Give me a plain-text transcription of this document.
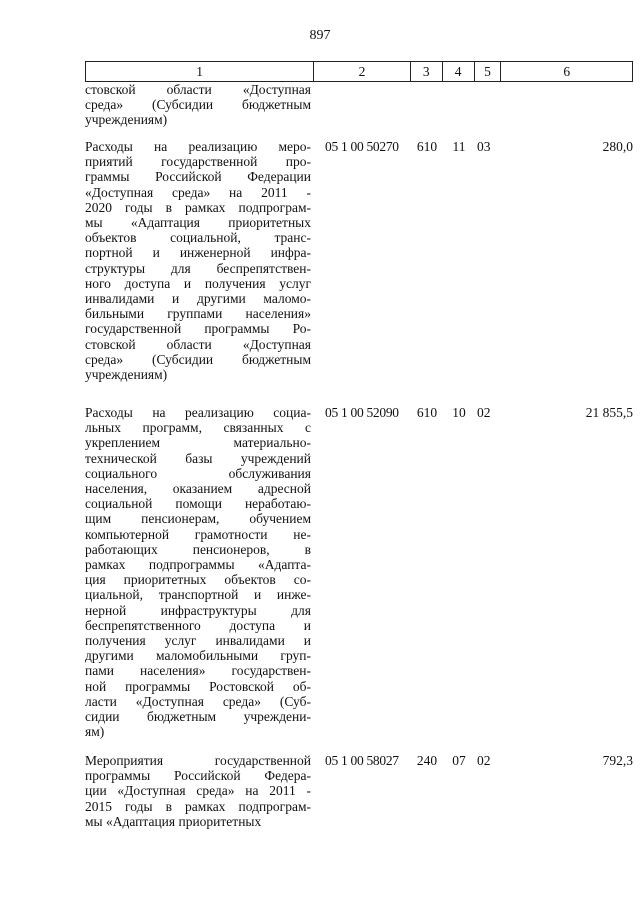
897
1	2	3	4	5	6
стовской области «Доступная
среда» (Субсидии бюджетным
учреждениям)
Расходы на реализацию меро-
приятий государственной про-
граммы Российской Федерации
«Доступная среда» на 2011 -
2020 годы в рамках подпрограм-
мы «Адаптация приоритетных
объектов социальной, транс-
портной и инженерной инфра-
структуры для беспрепятствен-
ного доступа и получения услуг
инвалидами и другими маломо-
бильными группами населения»
государственной программы Ро-
стовской области «Доступная
среда» (Субсидии бюджетным
учреждениям)
05 1 00 50270	610	11 03	280,0
Расходы на реализацию социа-
льных программ, связанных с
укреплением материально-
технической базы учреждений
социального обслуживания
населения, оказанием адресной
социальной помощи неработаю-
щим пенсионерам, обучением
компьютерной грамотности не-
работающих пенсионеров, в
рамках подпрограммы «Адапта-
ция приоритетных объектов со-
циальной, транспортной и инже-
нерной инфраструктуры для
беспрепятственного доступа и
получения услуг инвалидами и
другими маломобильными груп-
пами населения» государствен-
ной программы Ростовской об-
ласти «Доступная среда» (Суб-
сидии бюджетным учреждени-
ям)
05 1 00 52090	610	10 02	21 855,5
Мероприятия государственной
программы Российской Федера-
ции «Доступная среда» на 2011 -
2015 годы в рамках подпрограм-
мы «Адаптация приоритетных
05 1 00 58027	240	07 02	792,3
